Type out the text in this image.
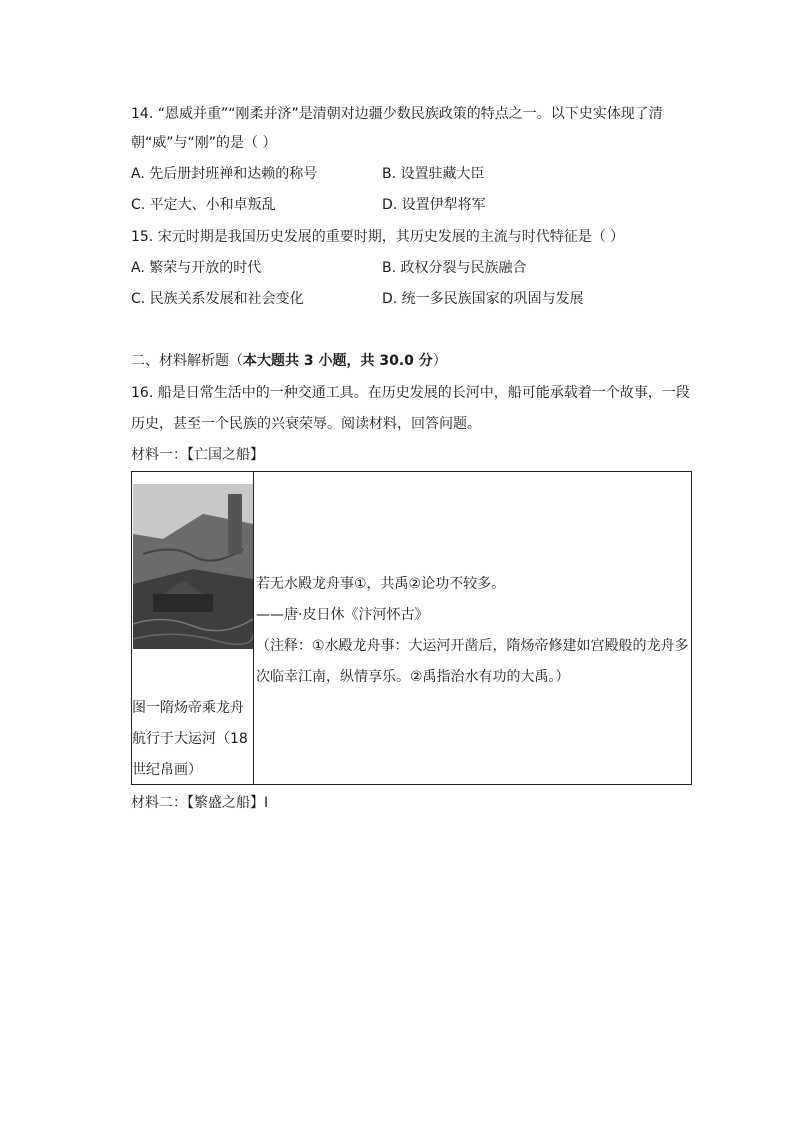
14. “恩威并重”“刚柔并济”是清朝对边疆少数民族政策的特点之一。以下史实体现了清
朝“威”与“刚”的是（ ）
A. 先后册封班禅和达赖的称号	B. 设置驻藏大臣
C. 平定大、小和卓叛乱	D. 设置伊犁将军
15. 宋元时期是我国历史发展的重要时期，其历史发展的主流与时代特征是（ ）
A. 繁荣与开放的时代	B. 政权分裂与民族融合
C. 民族关系发展和社会变化	D. 统一多民族国家的巩固与发展
二、材料解析题（本大题共 3 小题，共 30.0 分）
16. 船是日常生活中的一种交通工具。在历史发展的长河中，船可能承载着一个故事，一段
历史，甚至一个民族的兴衰荣辱。阅读材料，回答问题。
材料一：【亡国之船】
图一隋炀帝乘龙舟
航行于大运河（18
世纪帛画）
若无水殿龙舟事①，共禹②论功不较多。
——唐·皮日休《汴河怀古》
（注释：①水殿龙舟事：大运河开凿后，隋炀帝修建如宫殿般的龙舟多
次临幸江南，纵情享乐。②禹指治水有功的大禹。）
材料二：【繁盛之船】I
